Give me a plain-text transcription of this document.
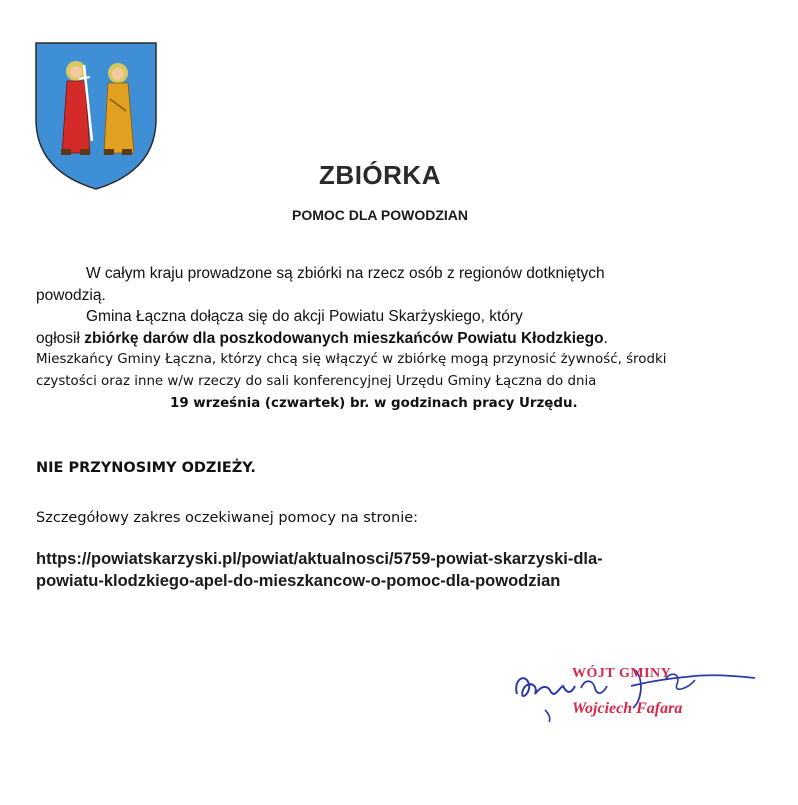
ZBIÓRKA
POMOC DLA POWODZIAN
W całym kraju prowadzone są zbiórki na rzecz osób z regionów dotkniętych
powodzią.
Gmina Łączna dołącza się do akcji Powiatu Skarżyskiego, który
ogłosił zbiórkę darów dla poszkodowanych mieszkańców Powiatu Kłodzkiego.
Mieszkańcy Gminy Łączna, którzy chcą się włączyć w zbiórkę mogą przynosić żywność, środki
czystości oraz inne w/w rzeczy do sali konferencyjnej Urzędu Gminy Łączna do dnia
19 września (czwartek) br. w godzinach pracy Urzędu.
NIE PRZYNOSIMY ODZIEŻY.
Szczegółowy zakres oczekiwanej pomocy na stronie:
https://powiatskarzyski.pl/powiat/aktualnosci/5759-powiat-skarzyski-dla-
powiatu-klodzkiego-apel-do-mieszkancow-o-pomoc-dla-powodzian
WÓJT GMINY
Wojciech Fafara
